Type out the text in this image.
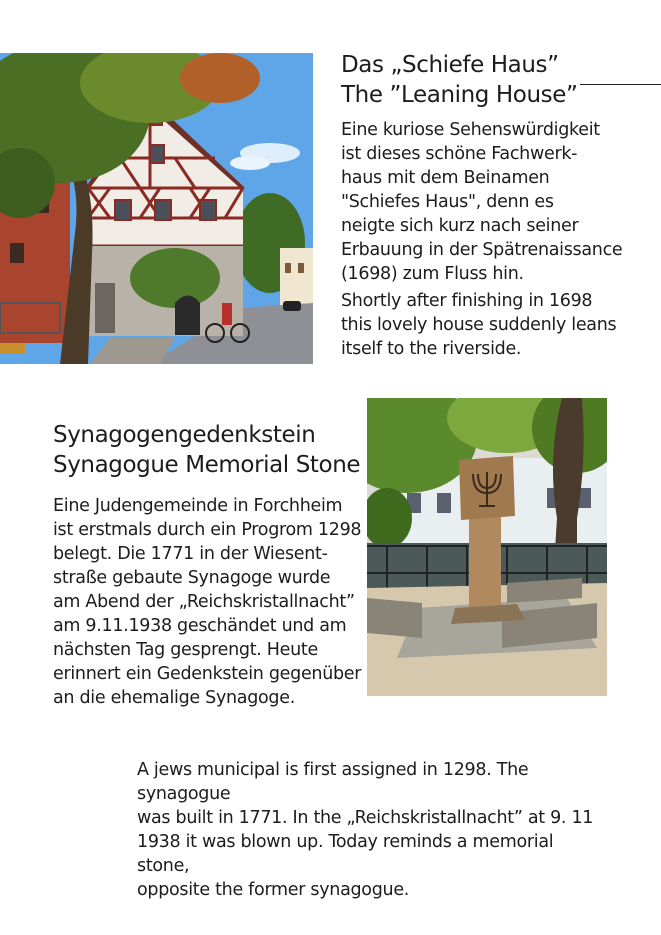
Das „Schiefe Haus”
The ”Leaning House”

Eine kuriose Sehenswürdigkeit

ist dieses schöne Fachwerk-

haus mit dem Beinamen

"Schiefes Haus", denn es

neigte sich kurz nach seiner

Erbauung in der Spätrenaissance

(1698) zum Fluss hin.

Shortly after finishing in 1698

this lovely house suddenly leans

itself to the riverside.

Synagogengedenkstein
Synagogue Memorial Stone

Eine Judengemeinde in Forchheim

ist erstmals durch ein Progrom 1298

belegt. Die 1771 in der Wiesent-

straße gebaute Synagoge wurde

am Abend der „Reichskristallnacht”

am 9.11.1938 geschändet und am

nächsten Tag gesprengt. Heute

erinnert ein Gedenkstein gegenüber

an die ehemalige Synagoge.

A jews municipal is first assigned in 1298. The synagogue

was built in 1771. In the „Reichskristallnacht” at 9. 11

1938 it was blown up. Today reminds a memorial stone,

opposite the former synagogue.
